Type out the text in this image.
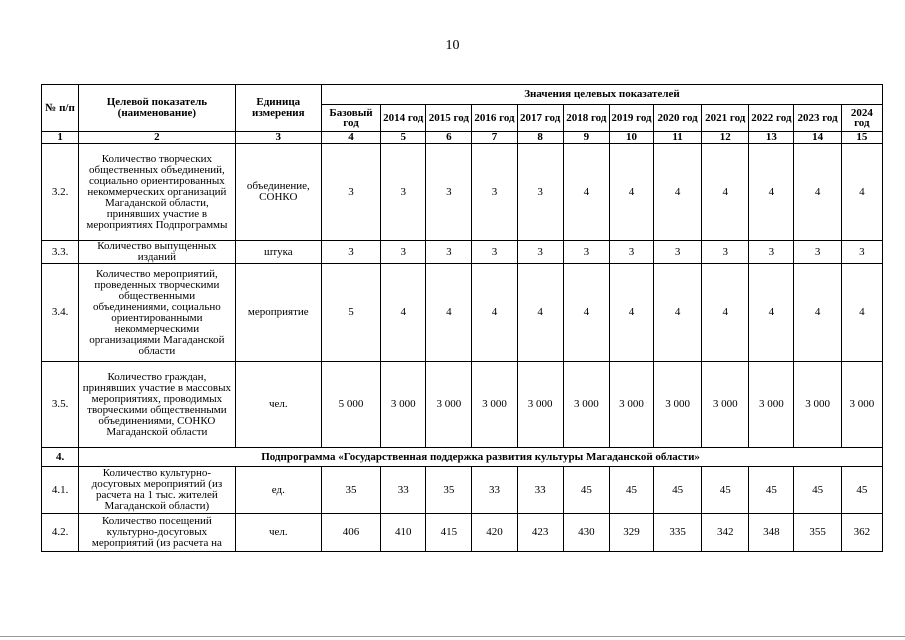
10
№ п/п	Целевой показатель (наименование)	Единица измерения	Значения целевых показателей											
			Базовый год	2014 год	2015 год	2016 год	2017 год	2018 год	2019 год	2020 год	2021 год	2022 год	2023 год	2024 год
1	2	3	4	5	6	7	8	9	10	11	12	13	14	15
3.2.	Количество творческих общественных объединений, социально ориентированных некоммерческих организаций Магаданской области, принявших участие в мероприятиях Подпрограммы	объединение, СОНКО	3	3	3	3	3	4	4	4	4	4	4	4
3.3.	Количество выпущенных изданий	штука	3	3	3	3	3	3	3	3	3	3	3	3
3.4.	Количество мероприятий, проведенных творческими общественными объединениями, социально ориентированными некоммерческими организациями Магаданской области	мероприятие	5	4	4	4	4	4	4	4	4	4	4	4
3.5.	Количество граждан, принявших участие в массовых мероприятиях, проводимых творческими общественными объединениями, СОНКО Магаданской области	чел.	5 000	3 000	3 000	3 000	3 000	3 000	3 000	3 000	3 000	3 000	3 000	3 000
4.	Подпрограмма «Государственная поддержка развития культуры Магаданской области»													
4.1.	Количество культурно-досуговых мероприятий (из расчета на 1 тыс. жителей Магаданской области)	ед.	35	33	35	33	33	45	45	45	45	45	45	45
4.2.	Количество посещений культурно-досуговых мероприятий (из расчета на	чел.	406	410	415	420	423	430	329	335	342	348	355	362
